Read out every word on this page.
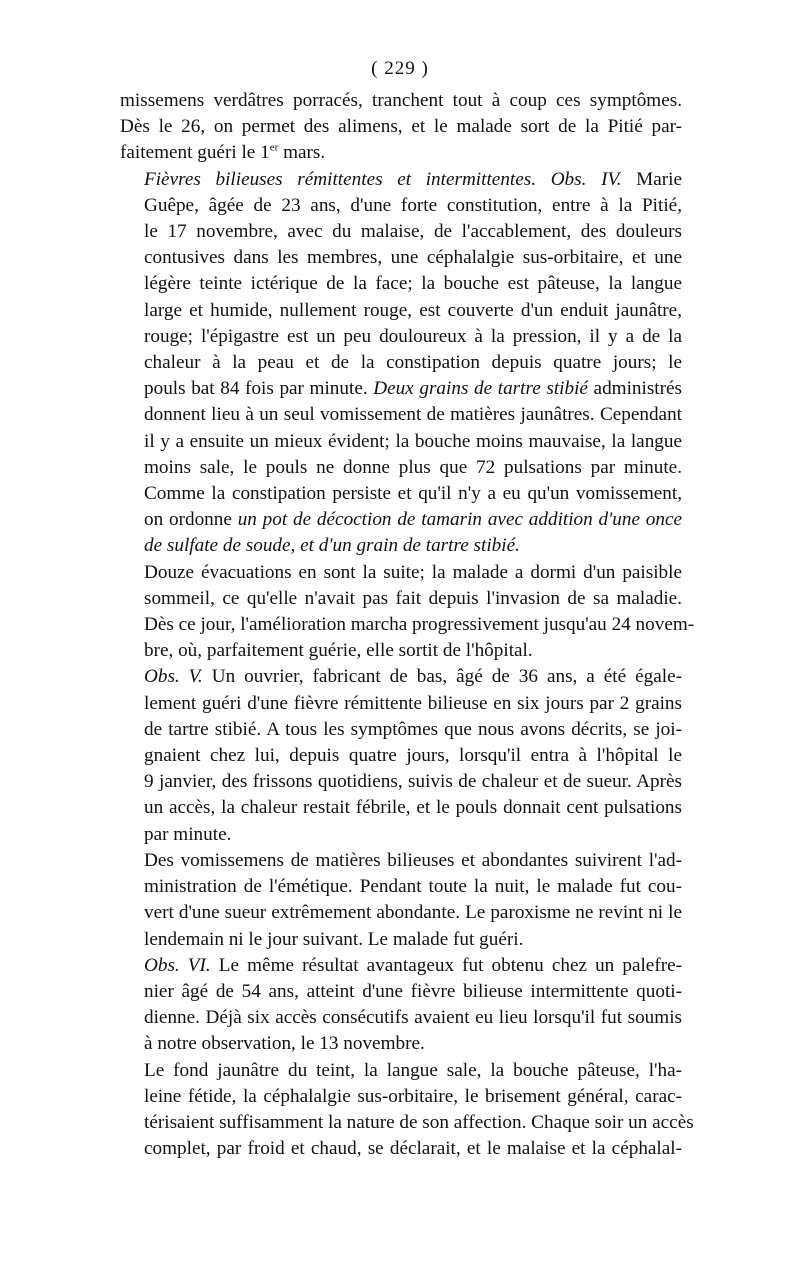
( 229 )

missemens verdâtres porracés, tranchent tout à coup ces symptômes.
Dès le 26, on permet des alimens, et le malade sort de la Pitié par-
faitement guéri le 1er mars.

Fièvres bilieuses rémittentes et intermittentes. Obs. IV. Marie
Guêpe, âgée de 23 ans, d'une forte constitution, entre à la Pitié,
le 17 novembre, avec du malaise, de l'accablement, des douleurs
contusives dans les membres, une céphalalgie sus-orbitaire, et une
légère teinte ictérique de la face; la bouche est pâteuse, la langue
large et humide, nullement rouge, est couverte d'un enduit jaunâtre,
rouge; l'épigastre est un peu douloureux à la pression, il y a de la
chaleur à la peau et de la constipation depuis quatre jours; le
pouls bat 84 fois par minute. Deux grains de tartre stibié administrés
donnent lieu à un seul vomissement de matières jaunâtres. Cependant
il y a ensuite un mieux évident; la bouche moins mauvaise, la langue
moins sale, le pouls ne donne plus que 72 pulsations par minute.
Comme la constipation persiste et qu'il n'y a eu qu'un vomissement,
on ordonne un pot de décoction de tamarin avec addition d'une once
de sulfate de soude, et d'un grain de tartre stibié.

Douze évacuations en sont la suite; la malade a dormi d'un paisible
sommeil, ce qu'elle n'avait pas fait depuis l'invasion de sa maladie.
Dès ce jour, l'amélioration marcha progressivement jusqu'au 24 novem-
bre, où, parfaitement guérie, elle sortit de l'hôpital.

Obs. V. Un ouvrier, fabricant de bas, âgé de 36 ans, a été égale-
lement guéri d'une fièvre rémittente bilieuse en six jours par 2 grains
de tartre stibié. A tous les symptômes que nous avons décrits, se joi-
gnaient chez lui, depuis quatre jours, lorsqu'il entra à l'hôpital le
9 janvier, des frissons quotidiens, suivis de chaleur et de sueur. Après
un accès, la chaleur restait fébrile, et le pouls donnait cent pulsations
par minute.

Des vomissemens de matières bilieuses et abondantes suivirent l'ad-
ministration de l'émétique. Pendant toute la nuit, le malade fut cou-
vert d'une sueur extrêmement abondante. Le paroxisme ne revint ni le
lendemain ni le jour suivant. Le malade fut guéri.

Obs. VI. Le même résultat avantageux fut obtenu chez un palefre-
nier âgé de 54 ans, atteint d'une fièvre bilieuse intermittente quoti-
dienne. Déjà six accès consécutifs avaient eu lieu lorsqu'il fut soumis
à notre observation, le 13 novembre.

Le fond jaunâtre du teint, la langue sale, la bouche pâteuse, l'ha-
leine fétide, la céphalalgie sus-orbitaire, le brisement général, carac-
térisaient suffisamment la nature de son affection. Chaque soir un accès
complet, par froid et chaud, se déclarait, et le malaise et la céphalal-
